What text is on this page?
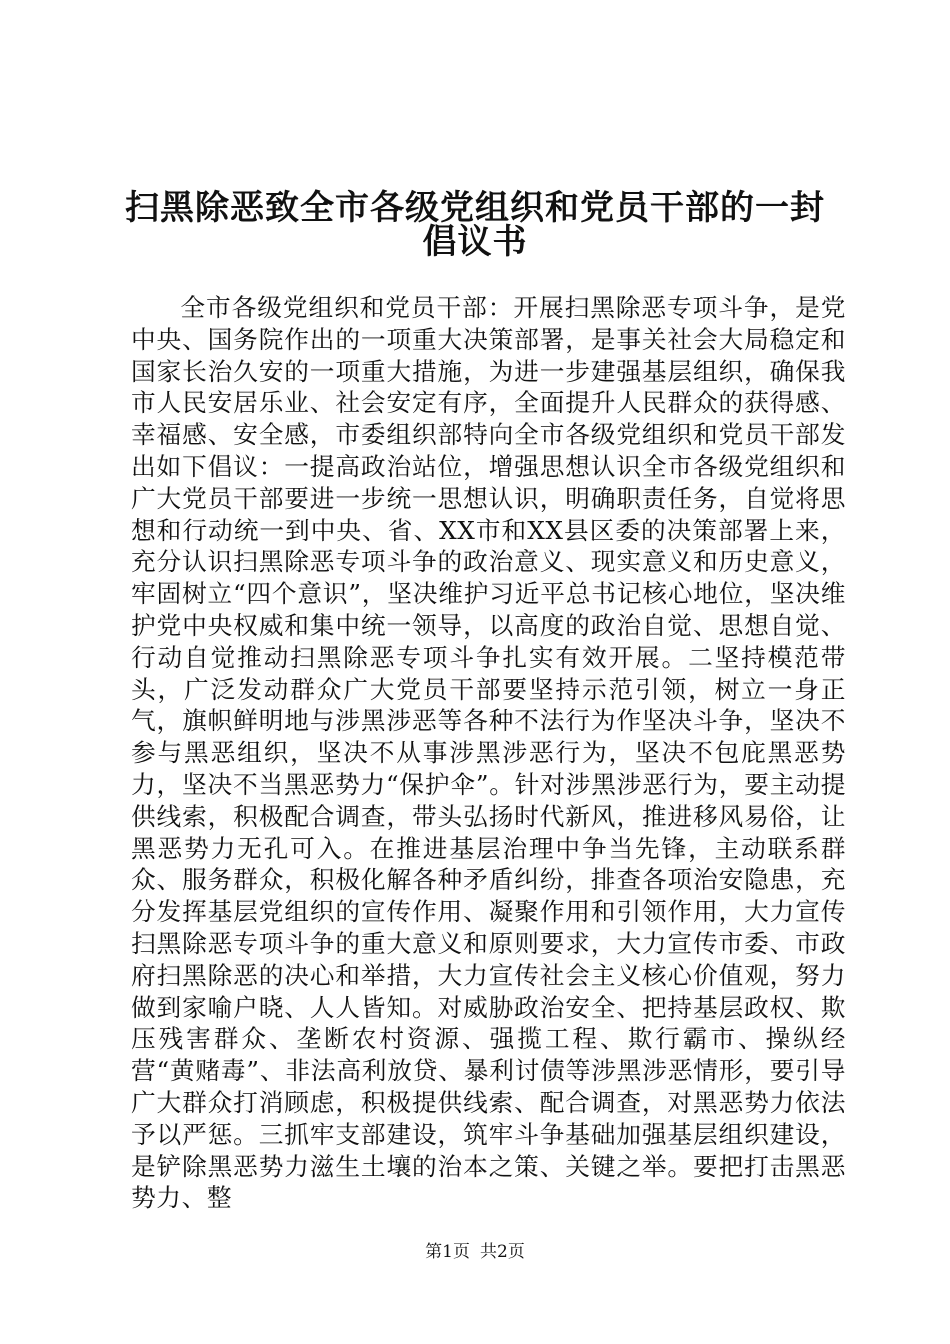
扫黑除恶致全市各级党组织和党员干部的一封
倡议书

全市各级党组织和党员干部：开展扫黑除恶专项斗争，是党中央、国务院作出的一项重大决策部署，是事关社会大局稳定和国家长治久安的一项重大措施，为进一步建强基层组织，确保我市人民安居乐业、社会安定有序，全面提升人民群众的获得感、幸福感、安全感，市委组织部特向全市各级党组织和党员干部发出如下倡议：一提高政治站位，增强思想认识全市各级党组织和广大党员干部要进一步统一思想认识，明确职责任务，自觉将思想和行动统一到中央、省、XX市和XX县区委的决策部署上来，充分认识扫黑除恶专项斗争的政治意义、现实意义和历史意义，牢固树立“四个意识”，坚决维护习近平总书记核心地位，坚决维护党中央权威和集中统一领导，以高度的政治自觉、思想自觉、行动自觉推动扫黑除恶专项斗争扎实有效开展。二坚持模范带头，广泛发动群众广大党员干部要坚持示范引领，树立一身正气，旗帜鲜明地与涉黑涉恶等各种不法行为作坚决斗争，坚决不参与黑恶组织，坚决不从事涉黑涉恶行为，坚决不包庇黑恶势力，坚决不当黑恶势力“保护伞”。针对涉黑涉恶行为，要主动提供线索，积极配合调查，带头弘扬时代新风，推进移风易俗，让黑恶势力无孔可入。在推进基层治理中争当先锋，主动联系群众、服务群众，积极化解各种矛盾纠纷，排查各项治安隐患，充分发挥基层党组织的宣传作用、凝聚作用和引领作用，大力宣传扫黑除恶专项斗争的重大意义和原则要求，大力宣传市委、市政府扫黑除恶的决心和举措，大力宣传社会主义核心价值观，努力做到家喻户晓、人人皆知。对威胁政治安全、把持基层政权、欺压残害群众、垄断农村资源、强揽工程、欺行霸市、操纵经营“黄赌毒”、非法高利放贷、暴利讨债等涉黑涉恶情形，要引导广大群众打消顾虑，积极提供线索、配合调查，对黑恶势力依法予以严惩。三抓牢支部建设，筑牢斗争基础加强基层组织建设，是铲除黑恶势力滋生土壤的治本之策、关键之举。要把打击黑恶势力、整

第1页 共2页
